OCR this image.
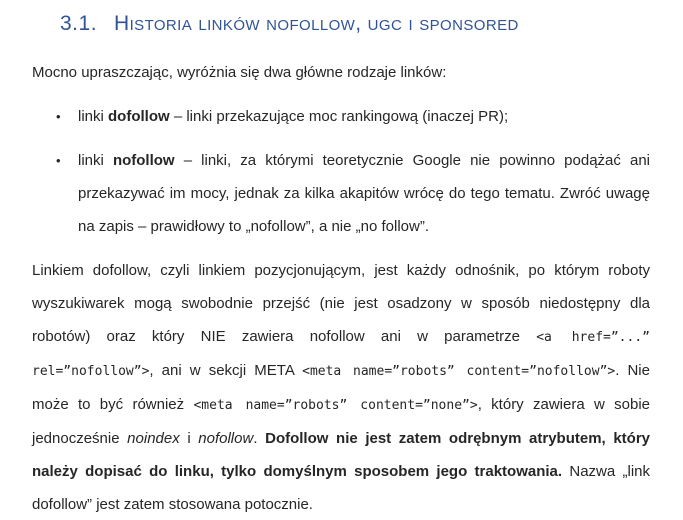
3.1. Historia linków nofollow, ugc i sponsored

Mocno upraszczając, wyróżnia się dwa główne rodzaje linków:

•	linki dofollow – linki przekazujące moc rankingową (inaczej PR);
•	linki nofollow – linki, za którymi teoretycznie Google nie powinno podążać ani przekazywać im mocy, jednak za kilka akapitów wrócę do tego tematu. Zwróć uwagę na zapis – prawidłowy to „nofollow”, a nie „no follow”.

Linkiem dofollow, czyli linkiem pozycjonującym, jest każdy odnośnik, po którym roboty wyszukiwarek mogą swobodnie przejść (nie jest osadzony w sposób niedostępny dla robotów) oraz który NIE zawiera nofollow ani w parametrze <a href=”...” rel=”nofollow”>, ani w sekcji META <meta name=”robots” content=”nofollow”>. Nie może to być również <meta name=”robots” content=”none”>, który zawiera w sobie jednocześnie noindex i nofollow. Dofollow nie jest zatem odrębnym atrybutem, który należy dopisać do linku, tylko domyślnym sposobem jego traktowania. Nazwa „link dofollow” jest zatem stosowana potocznie.
